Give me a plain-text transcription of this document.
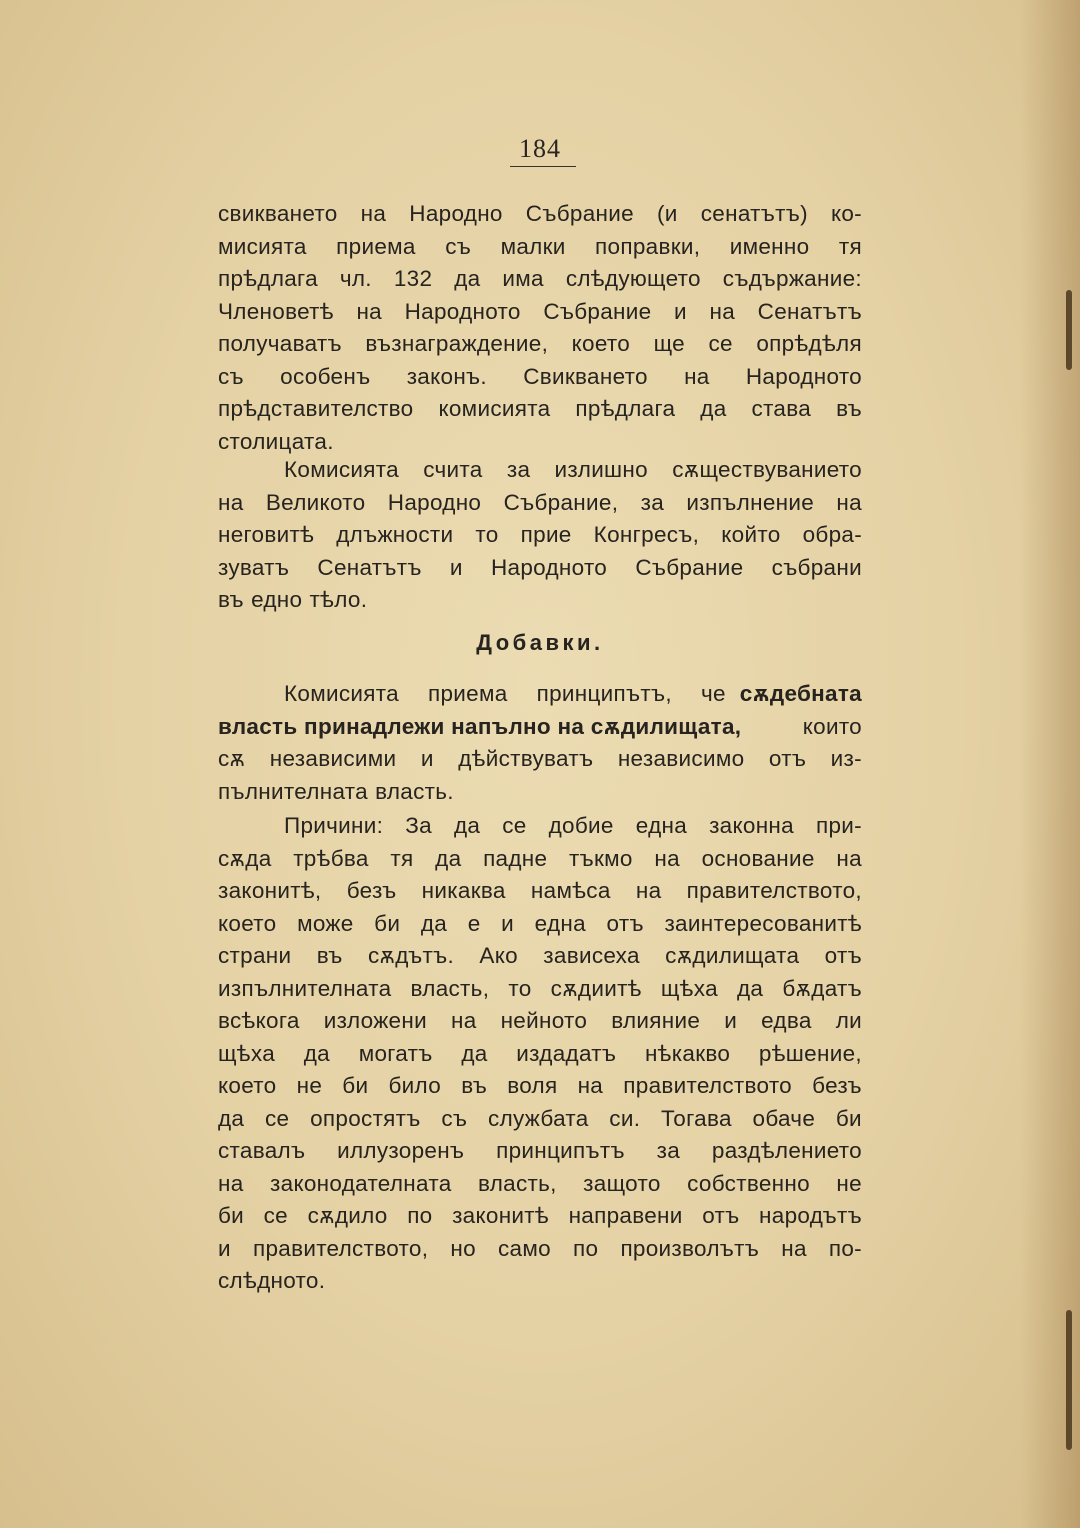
184
свикването на Народно Събрание (и сенатътъ) ко-
мисията приема съ малки поправки, именно тя
прѣдлага чл. 132 да има слѣдующето съдържание:
Членоветѣ на Народното Събрание и на Сенатътъ
получаватъ възнаграждение, което ще се опрѣдѣля
съ особенъ законъ. Свикването на Народното
прѣдставителство комисията прѣдлага да става въ
столицата.
Комисията счита за излишно сѫществуванието
на Великото Народно Събрание, за изпълнение на
неговитѣ длъжности то прие Конгресъ, който обра-
зуватъ Сенатътъ и Народното Събрание събрани
въ едно тѣло.
Добавки.
Комисията приема принципътъ, че сѫдебната
власть принадлежи напълно на сѫдилищата,	които
сѫ независими и дѣйствуватъ независимо отъ из-
пълнителната власть.
Причини: За да се добие една законна при-
сѫда трѣбва тя да падне тъкмо на основание на
законитѣ, безъ никаква намѣса на правителството,
което може би да е и една отъ заинтересованитѣ
страни въ сѫдътъ. Ако зависеха сѫдилищата отъ
изпълнителната власть, то сѫдиитѣ щѣха да бѫдатъ
всѣкога изложени на нейното влияние и едва ли
щѣха да могатъ да издадатъ нѣкакво рѣшение,
което не би било въ воля на правителството безъ
да се опростятъ съ службата си. Тогава обаче би
ставалъ иллузоренъ принципътъ за раздѣлението
на законодателната власть, защото собственно не
би се сѫдило по законитѣ направени отъ народътъ
и правителството, но само по произволътъ на по-
слѣдното.
